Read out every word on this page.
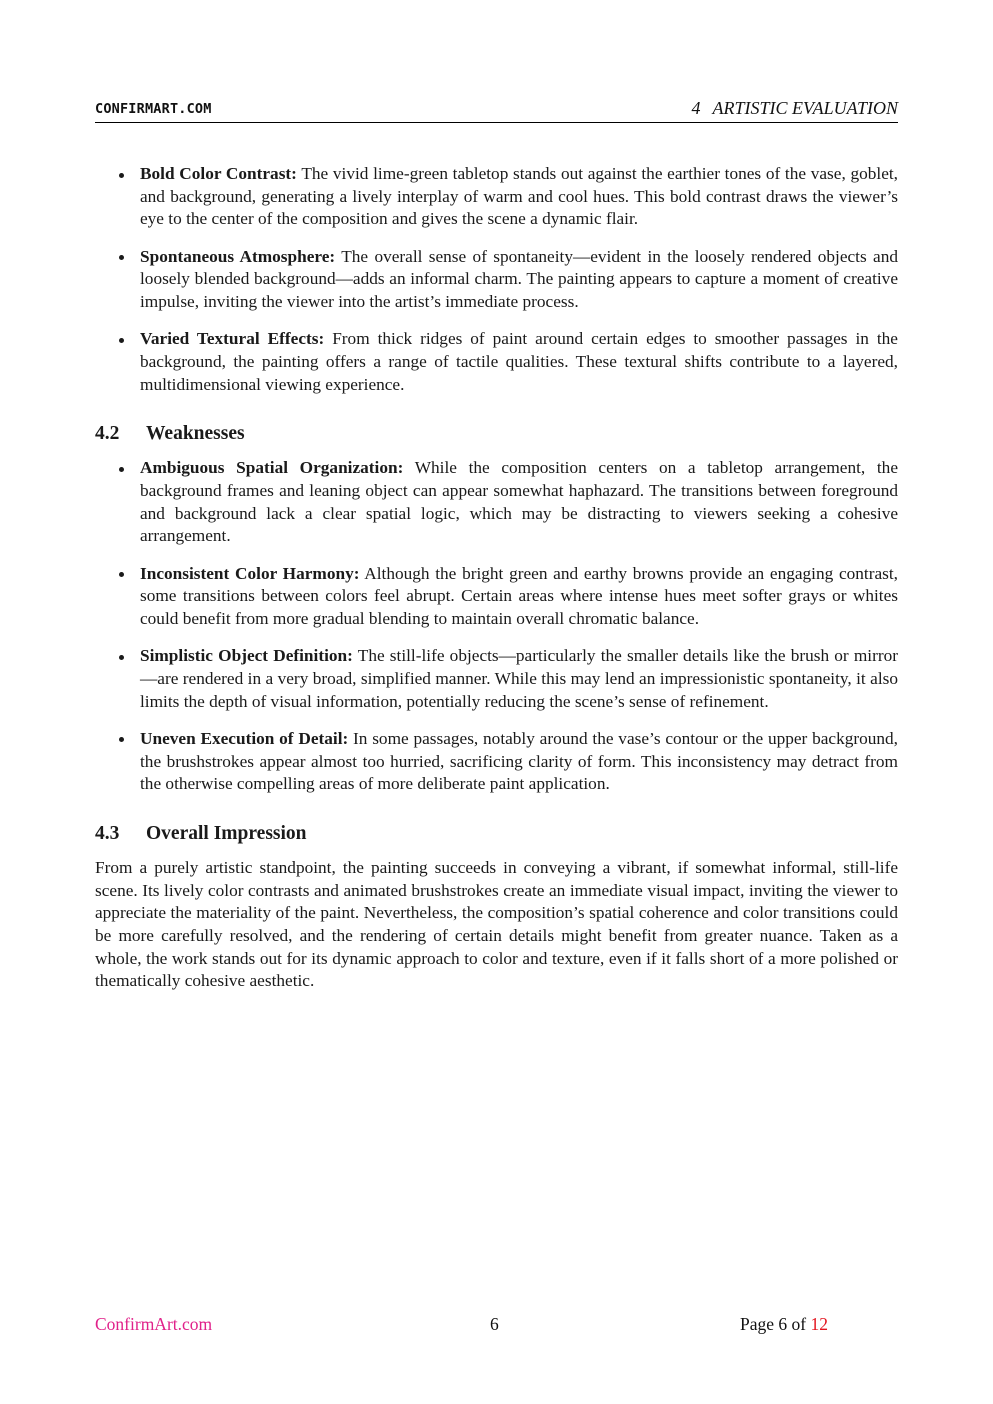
CONFIRMART.COM	4 ARTISTIC EVALUATION
Bold Color Contrast: The vivid lime-green tabletop stands out against the earthier tones of the vase, goblet, and background, generating a lively interplay of warm and cool hues. This bold contrast draws the viewer’s eye to the center of the composition and gives the scene a dynamic flair.
Spontaneous Atmosphere: The overall sense of spontaneity—evident in the loosely rendered objects and loosely blended background—adds an informal charm. The painting appears to capture a moment of creative impulse, inviting the viewer into the artist’s immediate process.
Varied Textural Effects: From thick ridges of paint around certain edges to smoother passages in the background, the painting offers a range of tactile qualities. These textural shifts contribute to a layered, multidimensional viewing experience.
4.2 Weaknesses
Ambiguous Spatial Organization: While the composition centers on a tabletop arrangement, the background frames and leaning object can appear somewhat haphazard. The transitions between foreground and background lack a clear spatial logic, which may be distracting to viewers seeking a cohesive arrangement.
Inconsistent Color Harmony: Although the bright green and earthy browns provide an engaging contrast, some transitions between colors feel abrupt. Certain areas where intense hues meet softer grays or whites could benefit from more gradual blending to maintain overall chromatic balance.
Simplistic Object Definition: The still-life objects—particularly the smaller details like the brush or mirror—are rendered in a very broad, simplified manner. While this may lend an impressionistic spontaneity, it also limits the depth of visual information, potentially reducing the scene’s sense of refinement.
Uneven Execution of Detail: In some passages, notably around the vase’s contour or the upper background, the brushstrokes appear almost too hurried, sacrificing clarity of form. This inconsistency may detract from the otherwise compelling areas of more deliberate paint application.
4.3 Overall Impression

From a purely artistic standpoint, the painting succeeds in conveying a vibrant, if somewhat informal, still-life scene. Its lively color contrasts and animated brushstrokes create an immediate visual impact, inviting the viewer to appreciate the materiality of the paint. Nevertheless, the composition’s spatial coherence and color transitions could be more carefully resolved, and the rendering of certain details might benefit from greater nuance. Taken as a whole, the work stands out for its dynamic approach to color and texture, even if it falls short of a more polished or thematically cohesive aesthetic.

ConfirmArt.com	6	Page 6 of 12
